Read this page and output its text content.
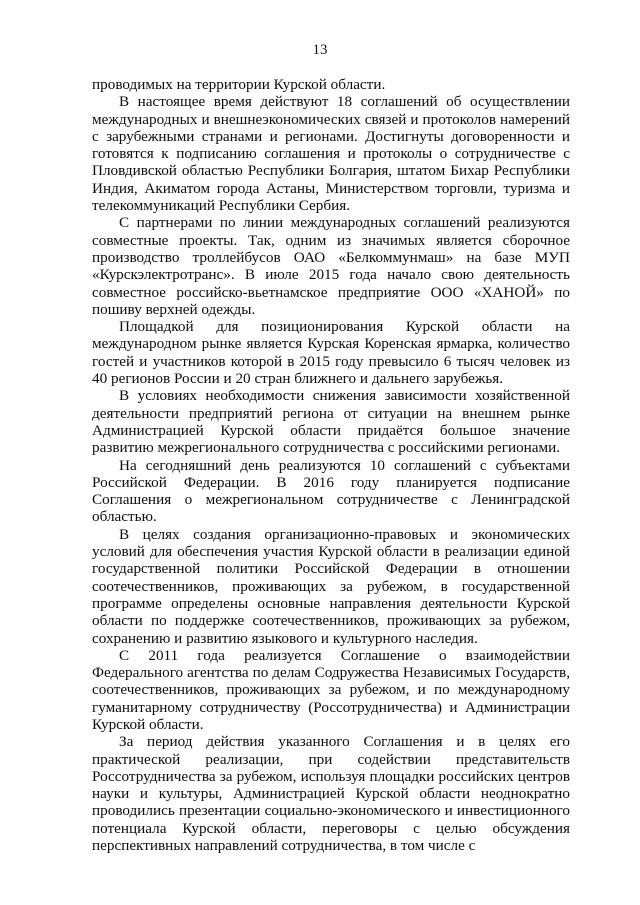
13

проводимых на территории Курской области.

В настоящее время действуют 18 соглашений об осуществлении международных и внешнеэкономических связей и протоколов намерений с зарубежными странами и регионами. Достигнуты договоренности и готовятся к подписанию соглашения и протоколы о сотрудничестве с Пловдивской областью Республики Болгария, штатом Бихар Республики Индия, Акиматом города Астаны, Министерством торговли, туризма и телекоммуникаций Республики Сербия.

С партнерами по линии международных соглашений реализуются совместные проекты. Так, одним из значимых является сборочное производство троллейбусов ОАО «Белкоммунмаш» на базе МУП «Курскэлектротранс». В июле 2015 года начало свою деятельность совместное российско-вьетнамское предприятие ООО «ХАНОЙ» по пошиву верхней одежды.

Площадкой для позиционирования Курской области на международном рынке является Курская Коренская ярмарка, количество гостей и участников которой в 2015 году превысило 6 тысяч человек из 40 регионов России и 20 стран ближнего и дальнего зарубежья.

В условиях необходимости снижения зависимости хозяйственной деятельности предприятий региона от ситуации на внешнем рынке Администрацией Курской области придаётся большое значение развитию межрегионального сотрудничества с российскими регионами.

На сегодняшний день реализуются 10 соглашений с субъектами Российской Федерации. В 2016 году планируется подписание Соглашения о межрегиональном сотрудничестве с Ленинградской областью.

В целях создания организационно-правовых и экономических условий для обеспечения участия Курской области в реализации единой государственной политики Российской Федерации в отношении соотечественников, проживающих за рубежом, в государственной программе определены основные направления деятельности Курской области по поддержке соотечественников, проживающих за рубежом, сохранению и развитию языкового и культурного наследия.

С 2011 года реализуется Соглашение о взаимодействии Федерального агентства по делам Содружества Независимых Государств, соотечественников, проживающих за рубежом, и по международному гуманитарному сотрудничеству (Россотрудничества) и Администрации Курской области.

За период действия указанного Соглашения и в целях его практической реализации, при содействии представительств Россотрудничества за рубежом, используя площадки российских центров науки и культуры, Администрацией Курской области неоднократно проводились презентации социально-экономического и инвестиционного потенциала Курской области, переговоры с целью обсуждения перспективных направлений сотрудничества, в том числе с
